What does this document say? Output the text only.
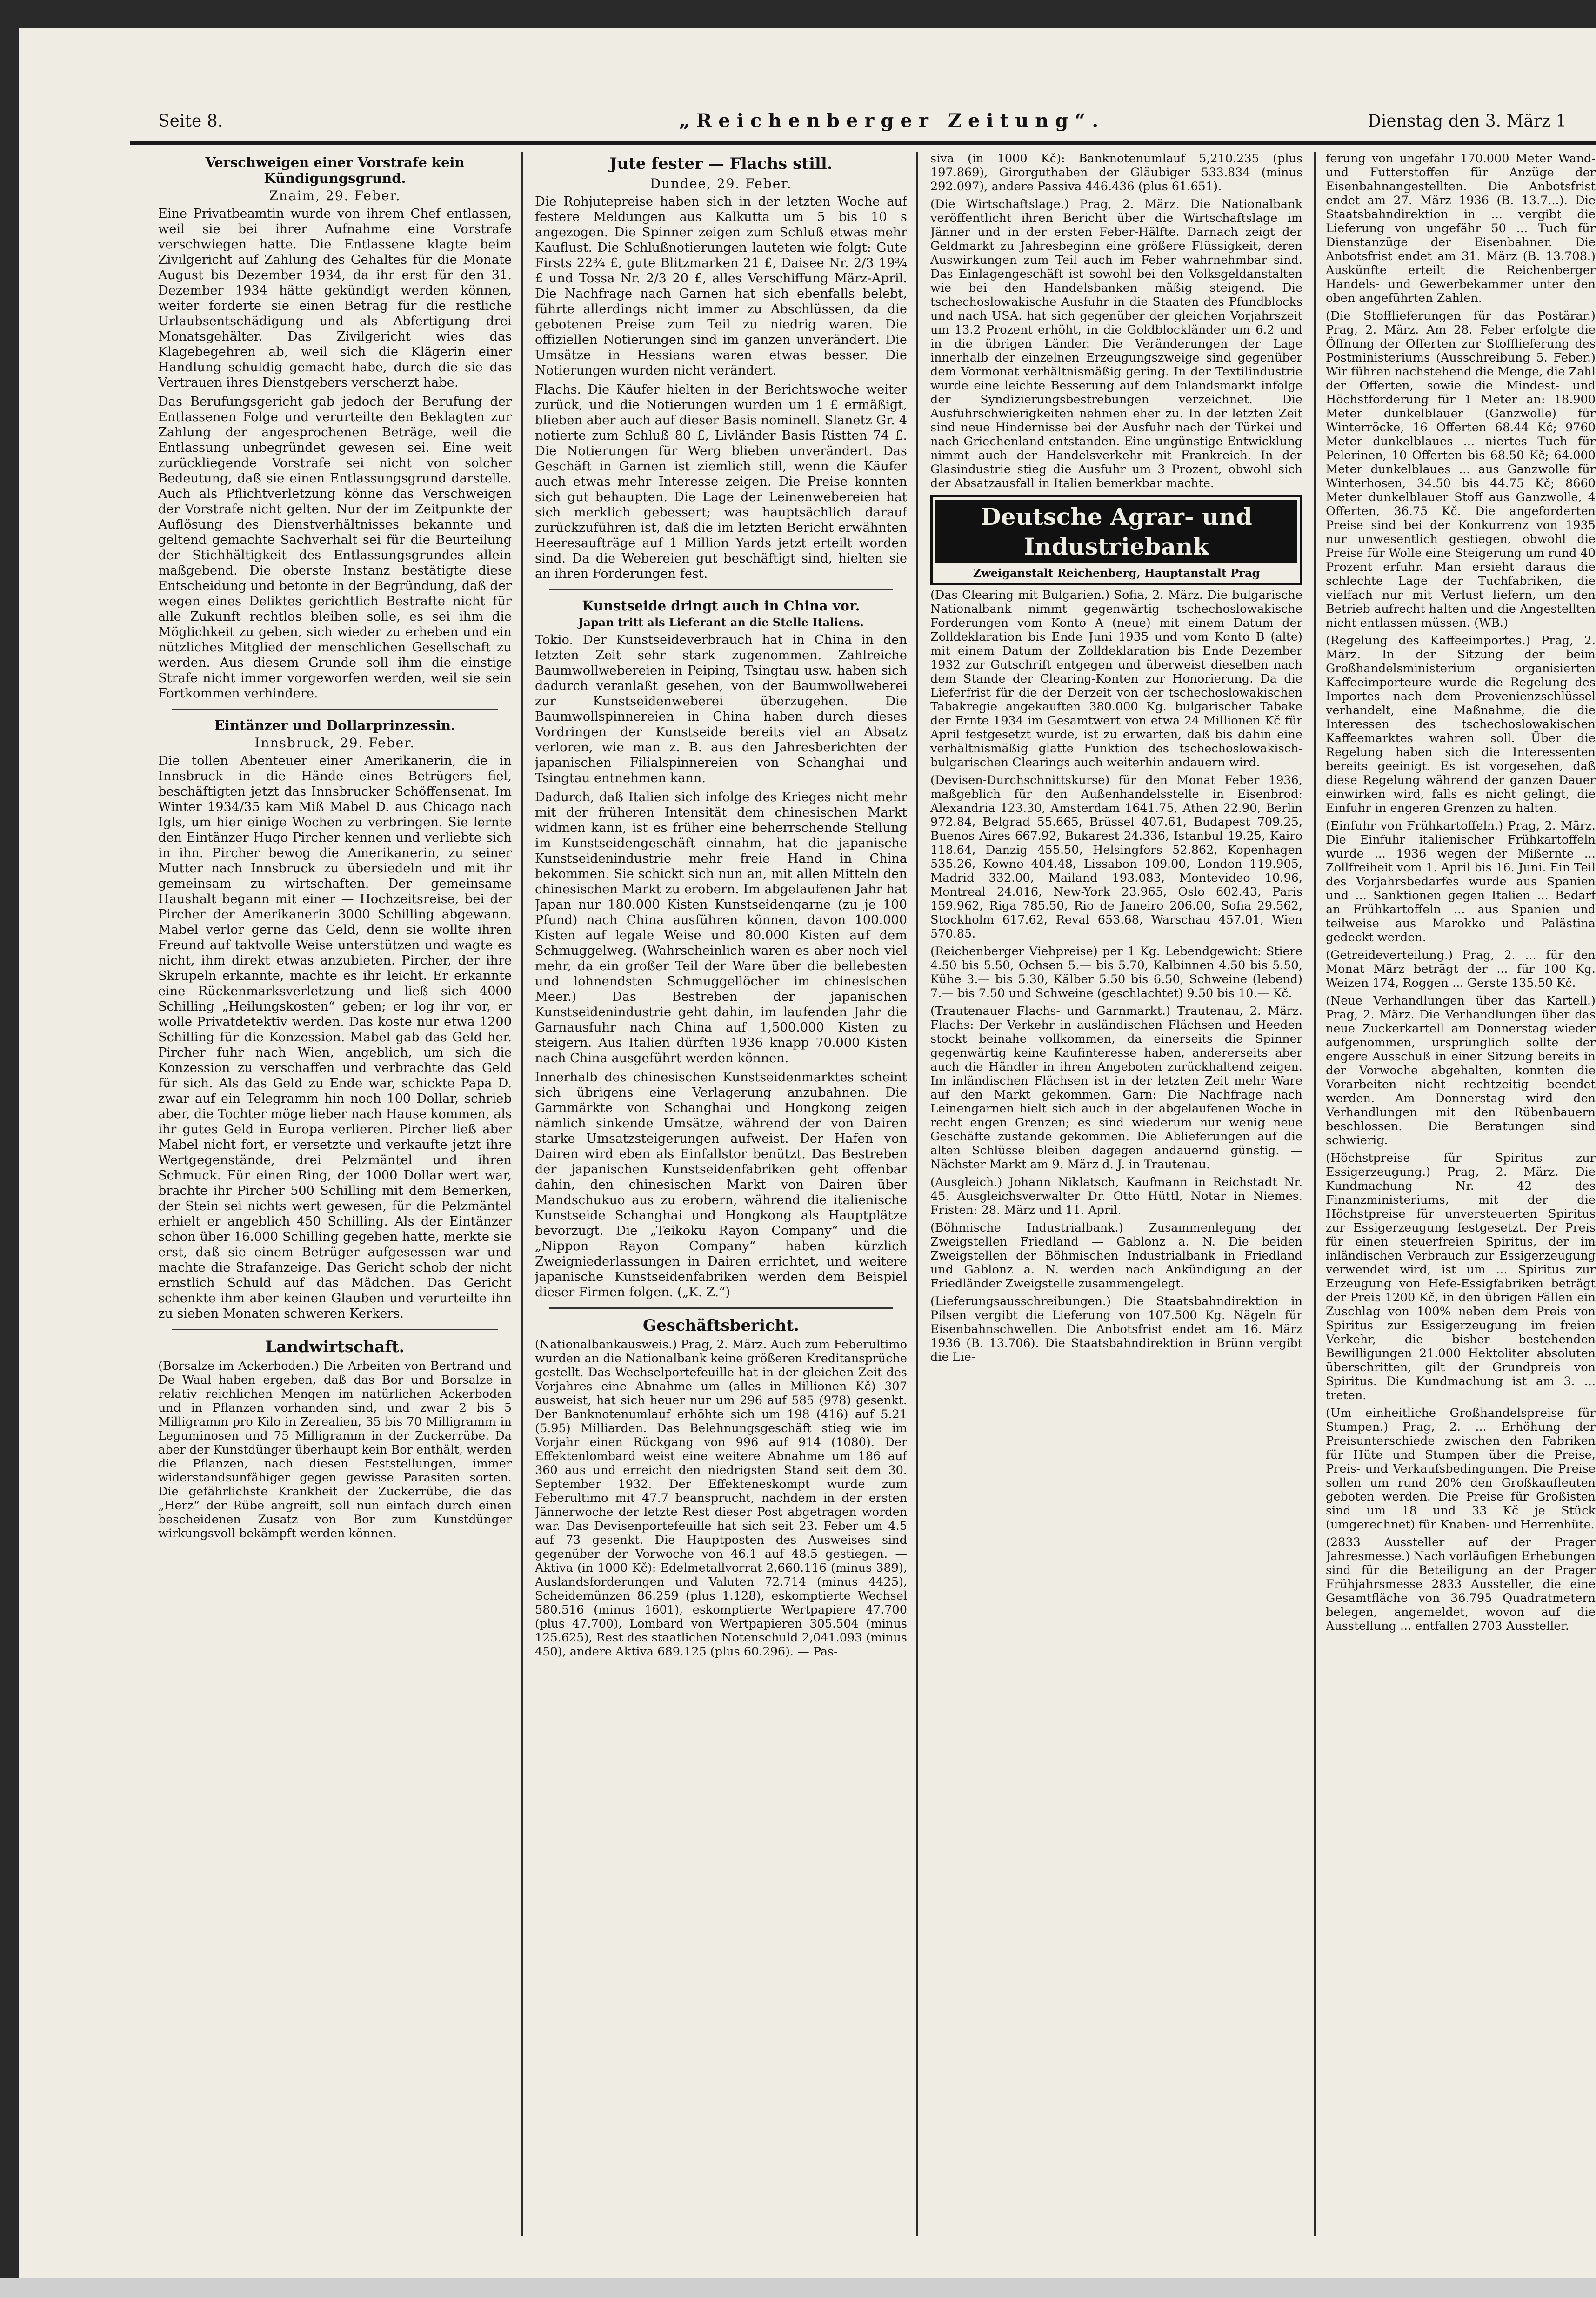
Seite 8.	„Reichenberger Zeitung“.	Dienstag den 3. März 1
Verschweigen einer Vorstrafe kein Kündigungsgrund.
Znaim, 29. Feber.

Eine Privatbeamtin wurde von ihrem Chef entlassen, weil sie bei ihrer Aufnahme eine Vorstrafe verschwiegen hatte. Die Entlassene klagte beim Zivilgericht auf Zahlung des Gehaltes für die Monate August bis Dezember 1934, da ihr erst für den 31. Dezember 1934 hätte gekündigt werden können, weiter forderte sie einen Betrag für die restliche Urlaubsentschädigung und als Abfertigung drei Monatsgehälter. Das Zivilgericht wies das Klagebegehren ab, weil sich die Klägerin einer Handlung schuldig gemacht habe, durch die sie das Vertrauen ihres Dienstgebers verscherzt habe.

Das Berufungsgericht gab jedoch der Berufung der Entlassenen Folge und verurteilte den Beklagten zur Zahlung der angesprochenen Beträge, weil die Entlassung unbegründet gewesen sei. Eine weit zurückliegende Vorstrafe sei nicht von solcher Bedeutung, daß sie einen Entlassungsgrund darstelle. Auch als Pflichtverletzung könne das Verschweigen der Vorstrafe nicht gelten. Nur der im Zeitpunkte der Auflösung des Dienstverhältnisses bekannte und geltend gemachte Sachverhalt sei für die Beurteilung der Stichhältigkeit des Entlassungsgrundes allein maßgebend. Die oberste Instanz bestätigte diese Entscheidung und betonte in der Begründung, daß der wegen eines Deliktes gerichtlich Bestrafte nicht für alle Zukunft rechtlos bleiben solle, es sei ihm die Möglichkeit zu geben, sich wieder zu erheben und ein nützliches Mitglied der menschlichen Gesellschaft zu werden. Aus diesem Grunde soll ihm die einstige Strafe nicht immer vorgeworfen werden, weil sie sein Fortkommen verhindere.

Eintänzer und Dollarprinzessin.
Innsbruck, 29. Feber.

Die tollen Abenteuer einer Amerikanerin, die in Innsbruck in die Hände eines Betrügers fiel, beschäftigten jetzt das Innsbrucker Schöffensenat. Im Winter 1934/35 kam Miß Mabel D. aus Chicago nach Igls, um hier einige Wochen zu verbringen. Sie lernte den Eintänzer Hugo Pircher kennen und verliebte sich in ihn. Pircher bewog die Amerikanerin, zu seiner Mutter nach Innsbruck zu übersiedeln und mit ihr gemeinsam zu wirtschaften. Der gemeinsame Haushalt begann mit einer — Hochzeitsreise, bei der Pircher der Amerikanerin 3000 Schilling abgewann. Mabel verlor gerne das Geld, denn sie wollte ihren Freund auf taktvolle Weise unterstützen und wagte es nicht, ihm direkt etwas anzubieten. Pircher, der ihre Skrupeln erkannte, machte es ihr leicht. Er erkannte eine Rückenmarksverletzung und ließ sich 4000 Schilling „Heilungskosten“ geben; er log ihr vor, er wolle Privatdetektiv werden. Das koste nur etwa 1200 Schilling für die Konzession. Mabel gab das Geld her. Pircher fuhr nach Wien, angeblich, um sich die Konzession zu verschaffen und verbrachte das Geld für sich. Als das Geld zu Ende war, schickte Papa D. zwar auf ein Telegramm hin noch 100 Dollar, schrieb aber, die Tochter möge lieber nach Hause kommen, als ihr gutes Geld in Europa verlieren. Pircher ließ aber Mabel nicht fort, er versetzte und verkaufte jetzt ihre Wertgegenstände, drei Pelzmäntel und ihren Schmuck. Für einen Ring, der 1000 Dollar wert war, brachte ihr Pircher 500 Schilling mit dem Bemerken, der Stein sei nichts wert gewesen, für die Pelzmäntel erhielt er angeblich 450 Schilling. Als der Eintänzer schon über 16.000 Schilling gegeben hatte, merkte sie erst, daß sie einem Betrüger aufgesessen war und machte die Strafanzeige. Das Gericht schob der nicht ernstlich Schuld auf das Mädchen. Das Gericht schenkte ihm aber keinen Glauben und verurteilte ihn zu sieben Monaten schweren Kerkers.

Landwirtschaft.

(Borsalze im Ackerboden.) Die Arbeiten von Bertrand und De Waal haben ergeben, daß das Bor und Borsalze in relativ reichlichen Mengen im natürlichen Ackerboden und in Pflanzen vorhanden sind, und zwar 2 bis 5 Milligramm pro Kilo in Zerealien, 35 bis 70 Milligramm in Leguminosen und 75 Milligramm in der Zuckerrübe. Da aber der Kunstdünger überhaupt kein Bor enthält, werden die Pflanzen, nach diesen Feststellungen, immer widerstandsunfähiger gegen gewisse Parasiten sorten. Die gefährlichste Krankheit der Zuckerrübe, die das „Herz“ der Rübe angreift, soll nun einfach durch einen bescheidenen Zusatz von Bor zum Kunstdünger wirkungsvoll bekämpft werden können.

Jute fester — Flachs still.
Dundee, 29. Feber.

Die Rohjutepreise haben sich in der letzten Woche auf festere Meldungen aus Kalkutta um 5 bis 10 s angezogen. Die Spinner zeigen zum Schluß etwas mehr Kauflust. Die Schlußnotierungen lauteten wie folgt: Gute Firsts 22¾ £, gute Blitzmarken 21 £, Daisee Nr. 2/3 19¾ £ und Tossa Nr. 2/3 20 £, alles Verschiffung März-April. Die Nachfrage nach Garnen hat sich ebenfalls belebt, führte allerdings nicht immer zu Abschlüssen, da die gebotenen Preise zum Teil zu niedrig waren. Die offiziellen Notierungen sind im ganzen unverändert. Die Umsätze in Hessians waren etwas besser. Die Notierungen wurden nicht verändert.

Flachs. Die Käufer hielten in der Berichtswoche weiter zurück, und die Notierungen wurden um 1 £ ermäßigt, blieben aber auch auf dieser Basis nominell. Slanetz Gr. 4 notierte zum Schluß 80 £, Livländer Basis Ristten 74 £. Die Notierungen für Werg blieben unverändert. Das Geschäft in Garnen ist ziemlich still, wenn die Käufer auch etwas mehr Interesse zeigen. Die Preise konnten sich gut behaupten. Die Lage der Leinenwebereien hat sich merklich gebessert; was hauptsächlich darauf zurückzuführen ist, daß die im letzten Bericht erwähnten Heeresaufträge auf 1 Million Yards jetzt erteilt worden sind. Da die Webereien gut beschäftigt sind, hielten sie an ihren Forderungen fest.

Kunstseide dringt auch in China vor.
Japan tritt als Lieferant an die Stelle Italiens.

Tokio. Der Kunstseideverbrauch hat in China in den letzten Zeit sehr stark zugenommen. Zahlreiche Baumwollwebereien in Peiping, Tsingtau usw. haben sich dadurch veranlaßt gesehen, von der Baumwollweberei zur Kunstseidenweberei überzugehen. Die Baumwollspinnereien in China haben durch dieses Vordringen der Kunstseide bereits viel an Absatz verloren, wie man z. B. aus den Jahresberichten der japanischen Filialspinnereien von Schanghai und Tsingtau entnehmen kann.

Dadurch, daß Italien sich infolge des Krieges nicht mehr mit der früheren Intensität dem chinesischen Markt widmen kann, ist es früher eine beherrschende Stellung im Kunstseidengeschäft einnahm, hat die japanische Kunstseidenindustrie mehr freie Hand in China bekommen. Sie schickt sich nun an, mit allen Mitteln den chinesischen Markt zu erobern. Im abgelaufenen Jahr hat Japan nur 180.000 Kisten Kunstseidengarne (zu je 100 Pfund) nach China ausführen können, davon 100.000 Kisten auf legale Weise und 80.000 Kisten auf dem Schmuggelweg. (Wahrscheinlich waren es aber noch viel mehr, da ein großer Teil der Ware über die bellebesten und lohnendsten Schmuggellöcher im chinesischen Meer.) Das Bestreben der japanischen Kunstseidenindustrie geht dahin, im laufenden Jahr die Garnausfuhr nach China auf 1,500.000 Kisten zu steigern. Aus Italien dürften 1936 knapp 70.000 Kisten nach China ausgeführt werden können.

Innerhalb des chinesischen Kunstseidenmarktes scheint sich übrigens eine Verlagerung anzubahnen. Die Garnmärkte von Schanghai und Hongkong zeigen nämlich sinkende Umsätze, während der von Dairen starke Umsatzsteigerungen aufweist. Der Hafen von Dairen wird eben als Einfallstor benützt. Das Bestreben der japanischen Kunstseidenfabriken geht offenbar dahin, den chinesischen Markt von Dairen über Mandschukuo aus zu erobern, während die italienische Kunstseide Schanghai und Hongkong als Hauptplätze bevorzugt. Die „Teikoku Rayon Company“ und die „Nippon Rayon Company“ haben kürzlich Zweigniederlassungen in Dairen errichtet, und weitere japanische Kunstseidenfabriken werden dem Beispiel dieser Firmen folgen. („K. Z.“)

Geschäftsbericht.

(Nationalbankausweis.) Prag, 2. März. Auch zum Feberultimo wurden an die Nationalbank keine größeren Kreditansprüche gestellt. Das Wechselportefeuille hat in der gleichen Zeit des Vorjahres eine Abnahme um (alles in Millionen Kč) 307 ausweist, hat sich heuer nur um 296 auf 585 (978) gesenkt. Der Banknotenumlauf erhöhte sich um 198 (416) auf 5.21 (5.95) Milliarden. Das Belehnungsgeschäft stieg wie im Vorjahr einen Rückgang von 996 auf 914 (1080). Der Effektenlombard weist eine weitere Abnahme um 186 auf 360 aus und erreicht den niedrigsten Stand seit dem 30. September 1932. Der Effekteneskompt wurde zum Feberultimo mit 47.7 beansprucht, nachdem in der ersten Jännerwoche der letzte Rest dieser Post abgetragen worden war. Das Devisenportefeuille hat sich seit 23. Feber um 4.5 auf 73 gesenkt. Die Hauptposten des Ausweises sind gegenüber der Vorwoche von 46.1 auf 48.5 gestiegen. — Aktiva (in 1000 Kč): Edelmetallvorrat 2,660.116 (minus 389), Auslandsforderungen und Valuten 72.714 (minus 4425), Scheidemünzen 86.259 (plus 1.128), eskomptierte Wechsel 580.516 (minus 1601), eskomptierte Wertpapiere 47.700 (plus 47.700), Lombard von Wertpapieren 305.504 (minus 125.625), Rest des staatlichen Notenschuld 2,041.093 (minus 450), andere Aktiva 689.125 (plus 60.296). — Pas-

siva (in 1000 Kč): Banknotenumlauf 5,210.235 (plus 197.869), Girorguthaben der Gläubiger 533.834 (minus 292.097), andere Passiva 446.436 (plus 61.651).

(Die Wirtschaftslage.) Prag, 2. März. Die Nationalbank veröffentlicht ihren Bericht über die Wirtschaftslage im Jänner und in der ersten Feber-Hälfte. Darnach zeigt der Geldmarkt zu Jahresbeginn eine größere Flüssigkeit, deren Auswirkungen zum Teil auch im Feber wahrnehmbar sind. Das Einlagengeschäft ist sowohl bei den Volksgeldanstalten wie bei den Handelsbanken mäßig steigend. Die tschechoslowakische Ausfuhr in die Staaten des Pfundblocks und nach USA. hat sich gegenüber der gleichen Vorjahrszeit um 13.2 Prozent erhöht, in die Goldblockländer um 6.2 und in die übrigen Länder. Die Veränderungen der Lage innerhalb der einzelnen Erzeugungszweige sind gegenüber dem Vormonat verhältnismäßig gering. In der Textilindustrie wurde eine leichte Besserung auf dem Inlandsmarkt infolge der Syndizierungsbestrebungen verzeichnet. Die Ausfuhrschwierigkeiten nehmen eher zu. In der letzten Zeit sind neue Hindernisse bei der Ausfuhr nach der Türkei und nach Griechenland entstanden. Eine ungünstige Entwicklung nimmt auch der Handelsverkehr mit Frankreich. In der Glasindustrie stieg die Ausfuhr um 3 Prozent, obwohl sich der Absatzausfall in Italien bemerkbar machte.

Deutsche Agrar- und Industriebank
Zweiganstalt Reichenberg, Hauptanstalt Prag

(Das Clearing mit Bulgarien.) Sofia, 2. März. Die bulgarische Nationalbank nimmt gegenwärtig tschechoslowakische Forderungen vom Konto A (neue) mit einem Datum der Zolldeklaration bis Ende Juni 1935 und vom Konto B (alte) mit einem Datum der Zolldeklaration bis Ende Dezember 1932 zur Gutschrift entgegen und überweist dieselben nach dem Stande der Clearing-Konten zur Honorierung. Da die Lieferfrist für die der Derzeit von der tschechoslowakischen Tabakregie angekauften 380.000 Kg. bulgarischer Tabake der Ernte 1934 im Gesamtwert von etwa 24 Millionen Kč für April festgesetzt wurde, ist zu erwarten, daß bis dahin eine verhältnismäßig glatte Funktion des tschechoslowakisch-bulgarischen Clearings auch weiterhin andauern wird.

(Devisen-Durchschnittskurse) für den Monat Feber 1936, maßgeblich für den Außenhandelsstelle in Eisenbrod: Alexandria 123.30, Amsterdam 1641.75, Athen 22.90, Berlin 972.84, Belgrad 55.665, Brüssel 407.61, Budapest 709.25, Buenos Aires 667.92, Bukarest 24.336, Istanbul 19.25, Kairo 118.64, Danzig 455.50, Helsingfors 52.862, Kopenhagen 535.26, Kowno 404.48, Lissabon 109.00, London 119.905, Madrid 332.00, Mailand 193.083, Montevideo 10.96, Montreal 24.016, New-York 23.965, Oslo 602.43, Paris 159.962, Riga 785.50, Rio de Janeiro 206.00, Sofia 29.562, Stockholm 617.62, Reval 653.68, Warschau 457.01, Wien 570.85.

(Reichenberger Viehpreise) per 1 Kg. Lebendgewicht: Stiere 4.50 bis 5.50, Ochsen 5.— bis 5.70, Kalbinnen 4.50 bis 5.50, Kühe 3.— bis 5.30, Kälber 5.50 bis 6.50, Schweine (lebend) 7.— bis 7.50 und Schweine (geschlachtet) 9.50 bis 10.— Kč.

(Trautenauer Flachs- und Garnmarkt.) Trautenau, 2. März. Flachs: Der Verkehr in ausländischen Flächsen und Heeden stockt beinahe vollkommen, da einerseits die Spinner gegenwärtig keine Kaufinteresse haben, andererseits aber auch die Händler in ihren Angeboten zurückhaltend zeigen. Im inländischen Flächsen ist in der letzten Zeit mehr Ware auf den Markt gekommen. Garn: Die Nachfrage nach Leinengarnen hielt sich auch in der abgelaufenen Woche in recht engen Grenzen; es sind wiederum nur wenig neue Geschäfte zustande gekommen. Die Ablieferungen auf die alten Schlüsse bleiben dagegen andauernd günstig. — Nächster Markt am 9. März d. J. in Trautenau.

(Ausgleich.) Johann Niklatsch, Kaufmann in Reichstadt Nr. 45. Ausgleichsverwalter Dr. Otto Hüttl, Notar in Niemes. Fristen: 28. März und 11. April.

(Böhmische Industrialbank.) Zusammenlegung der Zweigstellen Friedland — Gablonz a. N. Die beiden Zweigstellen der Böhmischen Industrialbank in Friedland und Gablonz a. N. werden nach Ankündigung an der Friedländer Zweigstelle zusammengelegt.

(Lieferungsausschreibungen.) Die Staatsbahndirektion in Pilsen vergibt die Lieferung von 107.500 Kg. Nägeln für Eisenbahnschwellen. Die Anbotsfrist endet am 16. März 1936 (B. 13.706). Die Staatsbahndirektion in Brünn vergibt die Lie-

ferung von ungefähr 170.000 Meter Wand- und Futterstoffen für Anzüge der Eisenbahnangestellten. Die Anbotsfrist endet am 27. März 1936 (B. 13.7...). Die Staatsbahndirektion in ... vergibt die Lieferung von ungefähr 50 ... Tuch für Dienstanzüge der Eisenbahner. Die Anbotsfrist endet am 31. März (B. 13.708.) Auskünfte erteilt die Reichenberger Handels- und Gewerbekammer unter den oben angeführten Zahlen.

(Die Stofflieferungen für das Postärar.) Prag, 2. März. Am 28. Feber erfolgte die Öffnung der Offerten zur Stofflieferung des Postministeriums (Ausschreibung 5. Feber.) Wir führen nachstehend die Menge, die Zahl der Offerten, sowie die Mindest- und Höchstforderung für 1 Meter an: 18.900 Meter dunkelblauer (Ganzwolle) für Winterröcke, 16 Offerten 68.44 Kč; 9760 Meter dunkelblaues ... niertes Tuch für Pelerinen, 10 Offerten bis 68.50 Kč; 64.000 Meter dunkelblaues ... aus Ganzwolle für Winterhosen, 34.50 bis 44.75 Kč; 8660 Meter dunkelblauer Stoff aus Ganzwolle, 4 Offerten, 36.75 Kč. Die angeforderten Preise sind bei der Konkurrenz von 1935 nur unwesentlich gestiegen, obwohl die Preise für Wolle eine Steigerung um rund 40 Prozent erfuhr. Man ersieht daraus die schlechte Lage der Tuchfabriken, die vielfach nur mit Verlust liefern, um den Betrieb aufrecht halten und die Angestellten nicht entlassen müssen. (WB.)

(Regelung des Kaffeeimportes.) Prag, 2. März. In der Sitzung der beim Großhandelsministerium organisierten Kaffeeimporteure wurde die Regelung des Importes nach dem Provenienzschlüssel verhandelt, eine Maßnahme, die die Interessen des tschechoslowakischen Kaffeemarktes wahren soll. Über die Regelung haben sich die Interessenten bereits geeinigt. Es ist vorgesehen, daß diese Regelung während der ganzen Dauer einwirken wird, falls es nicht gelingt, die Einfuhr in engeren Grenzen zu halten.

(Einfuhr von Frühkartoffeln.) Prag, 2. März. Die Einfuhr italienischer Frühkartoffeln wurde ... 1936 wegen der Mißernte ... Zollfreiheit vom 1. April bis 16. Juni. Ein Teil des Vorjahrsbedarfes wurde aus Spanien und ... Sanktionen gegen Italien ... Bedarf an Frühkartoffeln ... aus Spanien und teilweise aus Marokko und Palästina gedeckt werden.

(Getreideverteilung.) Prag, 2. ... für den Monat März beträgt der ... für 100 Kg. Weizen 174, Roggen ... Gerste 135.50 Kč.

(Neue Verhandlungen über das Kartell.) Prag, 2. März. Die Verhandlungen über das neue Zuckerkartell am Donnerstag wieder aufgenommen, ursprünglich sollte der engere Ausschuß in einer Sitzung bereits in der Vorwoche abgehalten, konnten die Vorarbeiten nicht rechtzeitig beendet werden. Am Donnerstag wird den Verhandlungen mit den Rübenbauern beschlossen. Die Beratungen sind schwierig.

(Höchstpreise für Spiritus zur Essigerzeugung.) Prag, 2. März. Die Kundmachung Nr. 42 des Finanzministeriums, mit der die Höchstpreise für unversteuerten Spiritus zur Essigerzeugung festgesetzt. Der Preis für einen steuerfreien Spiritus, der im inländischen Verbrauch zur Essigerzeugung verwendet wird, ist um ... Spiritus zur Erzeugung von Hefe-Essigfabriken beträgt der Preis 1200 Kč, in den übrigen Fällen ein Zuschlag von 100% neben dem Preis von Spiritus zur Essigerzeugung im freien Verkehr, die bisher bestehenden Bewilligungen 21.000 Hektoliter absoluten überschritten, gilt der Grundpreis von Spiritus. Die Kundmachung ist am 3. ... treten.

(Um einheitliche Großhandelspreise für Stumpen.) Prag, 2. ... Erhöhung der Preisunterschiede zwischen den Fabriken für Hüte und Stumpen über die Preise, Preis- und Verkaufsbedingungen. Die Preise sollen um rund 20% den Großkaufleuten geboten werden. Die Preise für Großisten sind um 18 und 33 Kč je Stück (umgerechnet) für Knaben- und Herrenhüte.

(2833 Aussteller auf der Prager Jahresmesse.) Nach vorläufigen Erhebungen sind für die Beteiligung an der Prager Frühjahrsmesse 2833 Aussteller, die eine Gesamtfläche von 36.795 Quadratmetern belegen, angemeldet, wovon auf die Ausstellung ... entfallen 2703 Aussteller.
